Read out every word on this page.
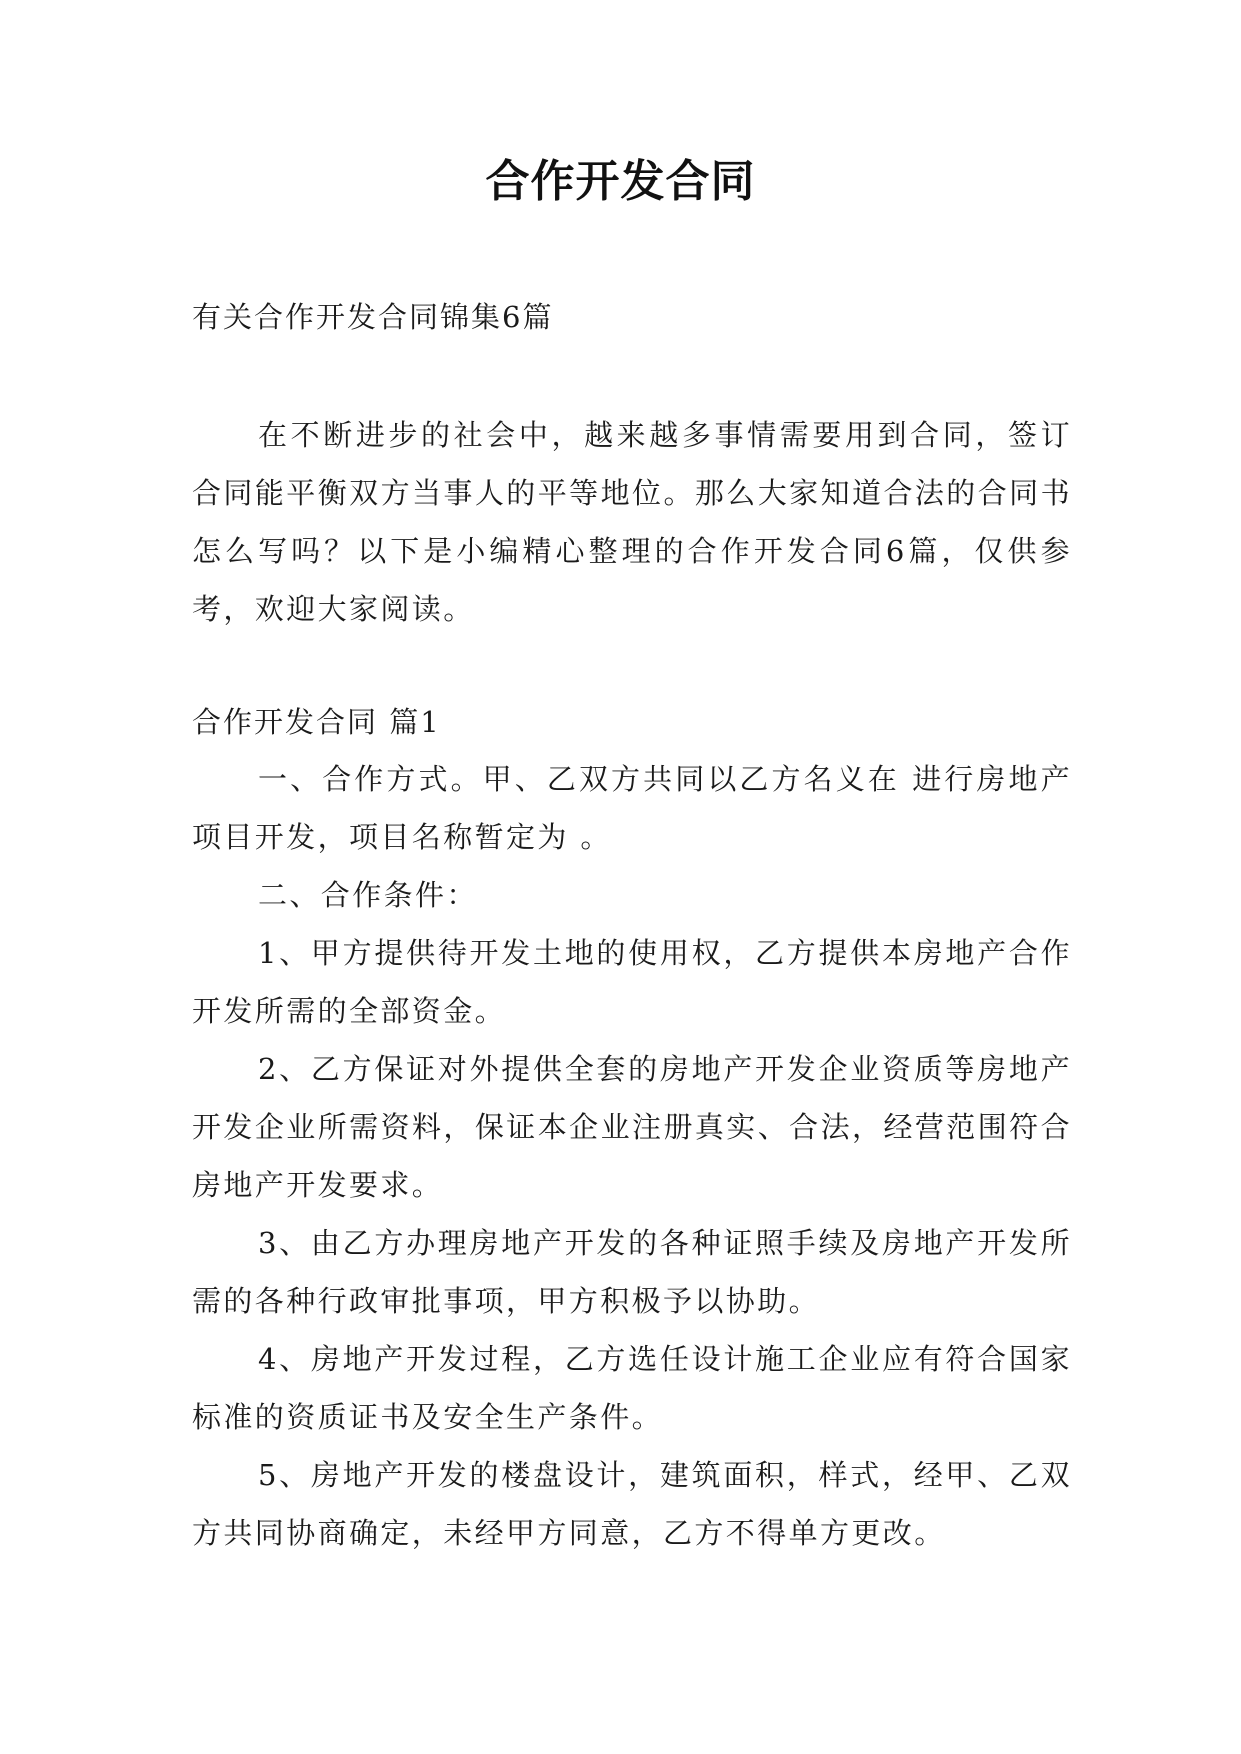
合作开发合同

有关合作开发合同锦集6篇

在不断进步的社会中，越来越多事情需要用到合同，签订合同能平衡双方当事人的平等地位。那么大家知道合法的合同书怎么写吗？以下是小编精心整理的合作开发合同6篇，仅供参考，欢迎大家阅读。

合作开发合同 篇1

一、合作方式。甲、乙双方共同以乙方名义在 进行房地产项目开发，项目名称暂定为 。

二、合作条件：

1、甲方提供待开发土地的使用权，乙方提供本房地产合作开发所需的全部资金。

2、乙方保证对外提供全套的房地产开发企业资质等房地产开发企业所需资料，保证本企业注册真实、合法，经营范围符合房地产开发要求。

3、由乙方办理房地产开发的各种证照手续及房地产开发所需的各种行政审批事项，甲方积极予以协助。

4、房地产开发过程，乙方选任设计施工企业应有符合国家标准的资质证书及安全生产条件。

5、房地产开发的楼盘设计，建筑面积，样式，经甲、乙双方共同协商确定，未经甲方同意，乙方不得单方更改。
